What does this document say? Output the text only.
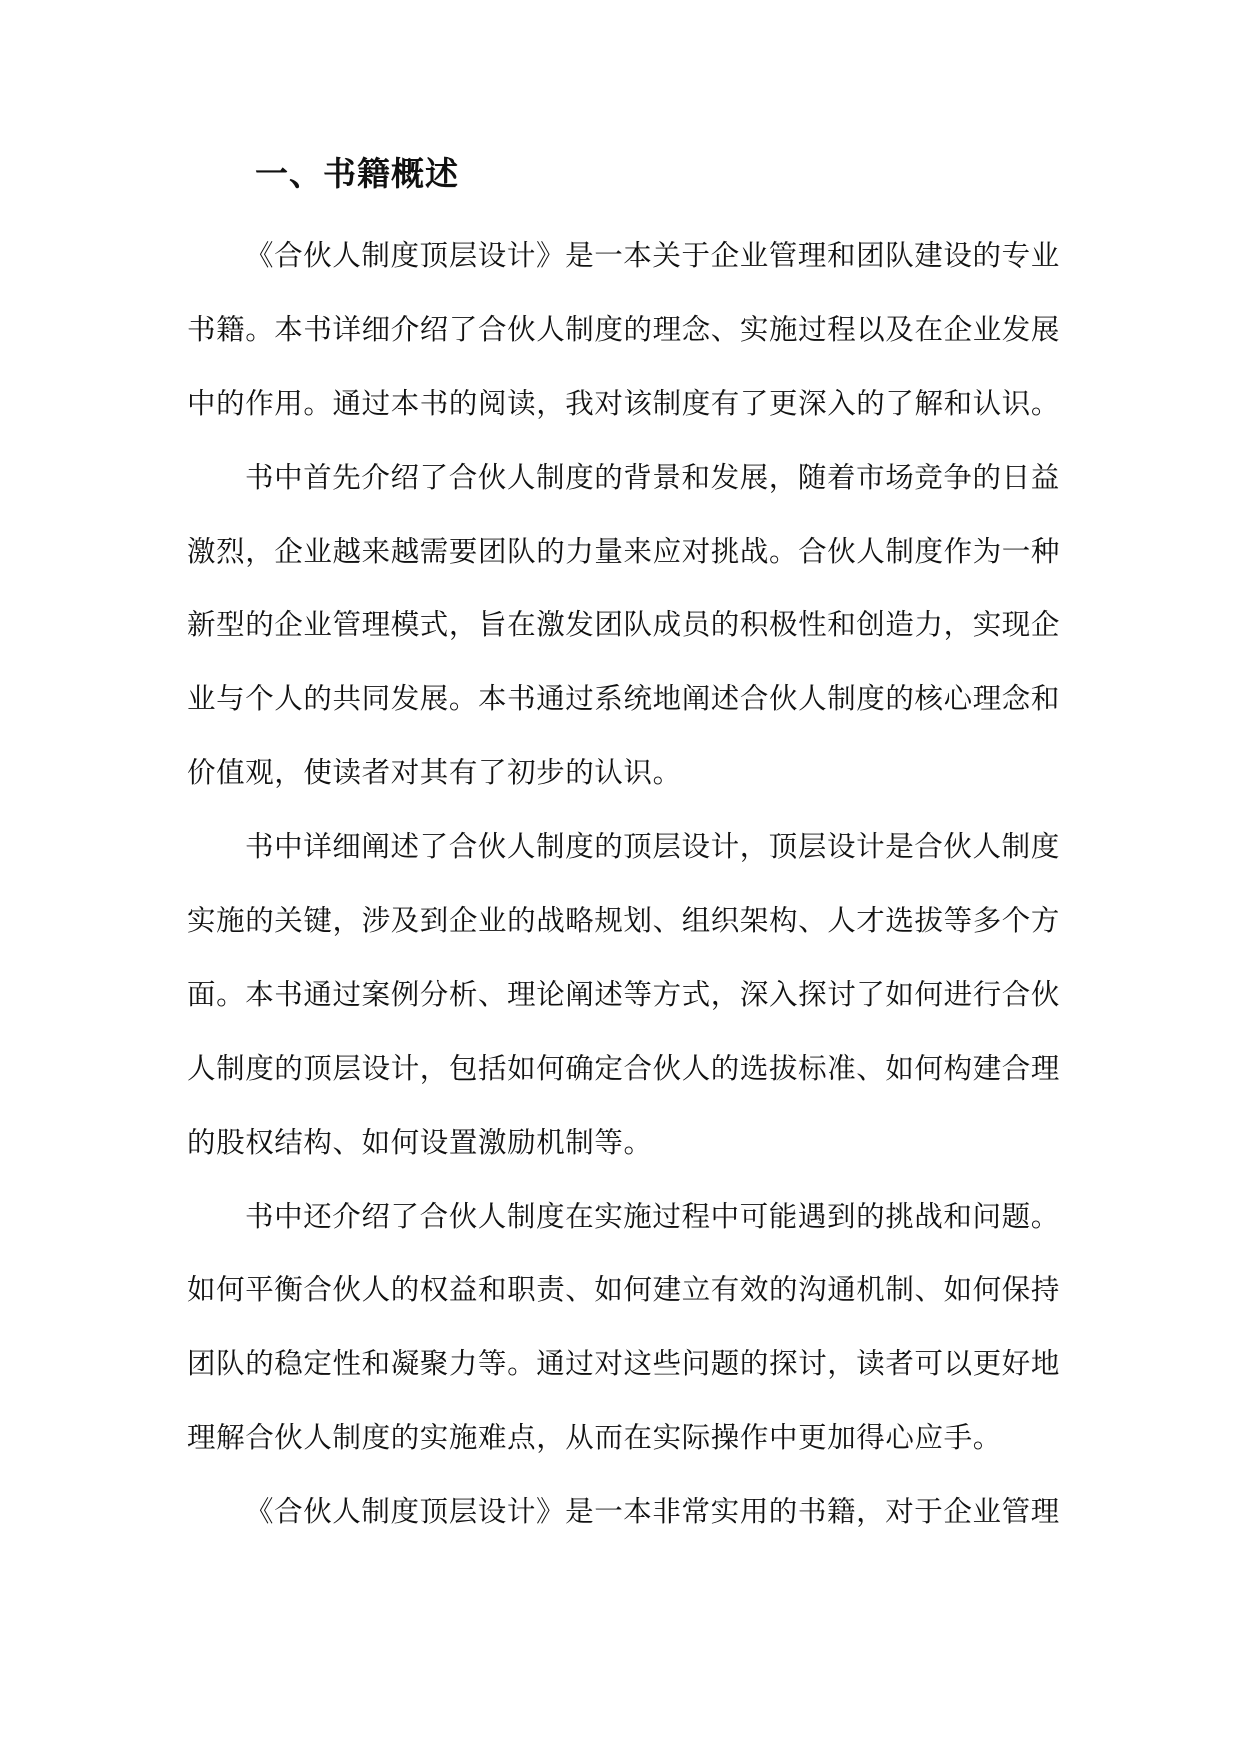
一、书籍概述
《合伙人制度顶层设计》是一本关于企业管理和团队建设的专业
书籍。本书详细介绍了合伙人制度的理念、实施过程以及在企业发展
中的作用。通过本书的阅读，我对该制度有了更深入的了解和认识。
书中首先介绍了合伙人制度的背景和发展，随着市场竞争的日益
激烈，企业越来越需要团队的力量来应对挑战。合伙人制度作为一种
新型的企业管理模式，旨在激发团队成员的积极性和创造力，实现企
业与个人的共同发展。本书通过系统地阐述合伙人制度的核心理念和
价值观，使读者对其有了初步的认识。
书中详细阐述了合伙人制度的顶层设计，顶层设计是合伙人制度
实施的关键，涉及到企业的战略规划、组织架构、人才选拔等多个方
面。本书通过案例分析、理论阐述等方式，深入探讨了如何进行合伙
人制度的顶层设计，包括如何确定合伙人的选拔标准、如何构建合理
的股权结构、如何设置激励机制等。
书中还介绍了合伙人制度在实施过程中可能遇到的挑战和问题。
如何平衡合伙人的权益和职责、如何建立有效的沟通机制、如何保持
团队的稳定性和凝聚力等。通过对这些问题的探讨，读者可以更好地
理解合伙人制度的实施难点，从而在实际操作中更加得心应手。
《合伙人制度顶层设计》是一本非常实用的书籍，对于企业管理
